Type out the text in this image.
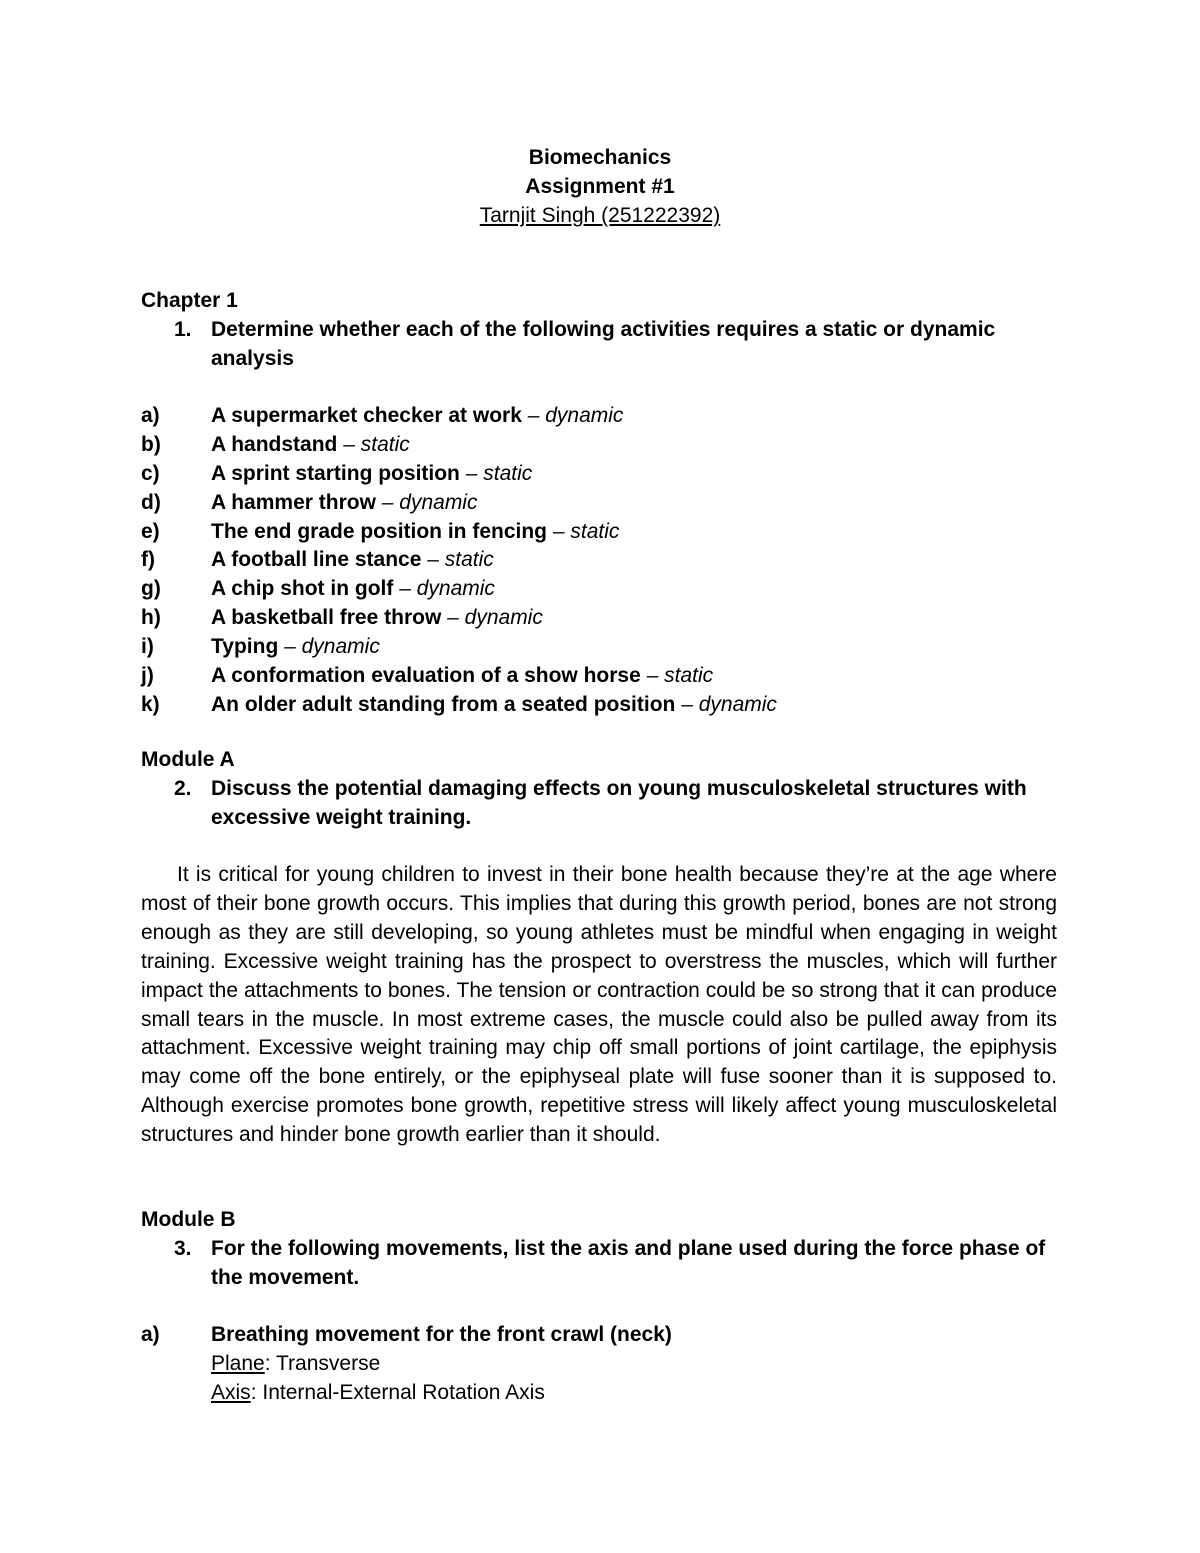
Biomechanics
Assignment #1
Tarnjit Singh (251222392)
Chapter 1
1. Determine whether each of the following activities requires a static or dynamic analysis
a) A supermarket checker at work – dynamic
b) A handstand – static
c) A sprint starting position – static
d) A hammer throw – dynamic
e) The end grade position in fencing – static
f)	A football line stance – static
g) A chip shot in golf – dynamic
h) A basketball free throw – dynamic
i)	Typing – dynamic
j)	A conformation evaluation of a show horse – static
k) An older adult standing from a seated position – dynamic
Module A
2. Discuss the potential damaging effects on young musculoskeletal structures with excessive weight training.
It is critical for young children to invest in their bone health because they’re at the age where most of their bone growth occurs. This implies that during this growth period, bones are not strong enough as they are still developing, so young athletes must be mindful when engaging in weight training. Excessive weight training has the prospect to overstress the muscles, which will further impact the attachments to bones. The tension or contraction could be so strong that it can produce small tears in the muscle. In most extreme cases, the muscle could also be pulled away from its attachment. Excessive weight training may chip off small portions of joint cartilage, the epiphysis may come off the bone entirely, or the epiphyseal plate will fuse sooner than it is supposed to. Although exercise promotes bone growth, repetitive stress will likely affect young musculoskeletal structures and hinder bone growth earlier than it should.
Module B
3. For the following movements, list the axis and plane used during the force phase of the movement.
a) Breathing movement for the front crawl (neck)
Plane: Transverse
Axis: Internal-External Rotation Axis
